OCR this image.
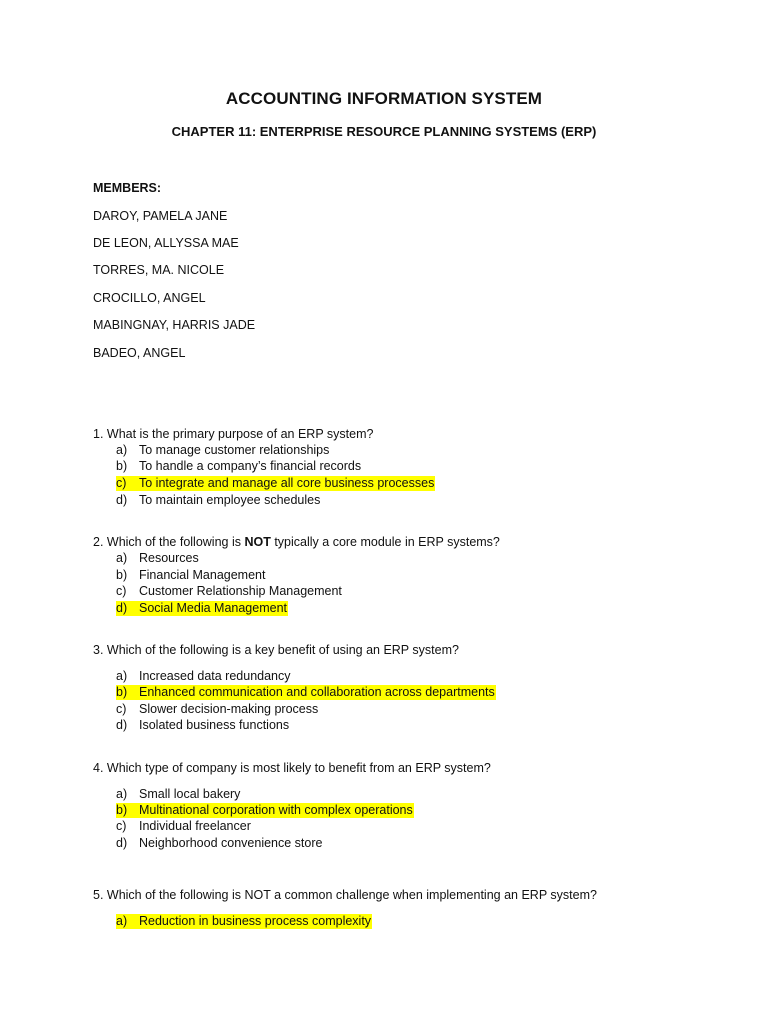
ACCOUNTING INFORMATION SYSTEM
CHAPTER 11: ENTERPRISE RESOURCE PLANNING SYSTEMS (ERP)
MEMBERS:
DAROY, PAMELA JANE
DE LEON, ALLYSSA MAE
TORRES, MA. NICOLE
CROCILLO, ANGEL
MABINGNAY, HARRIS JADE
BADEO, ANGEL
1. What is the primary purpose of an ERP system?
a) To manage customer relationships
b) To handle a company’s financial records
c) To integrate and manage all core business processes
d) To maintain employee schedules
2. Which of the following is NOT typically a core module in ERP systems?
a) Resources
b) Financial Management
c) Customer Relationship Management
d) Social Media Management
3. Which of the following is a key benefit of using an ERP system?
a) Increased data redundancy
b) Enhanced communication and collaboration across departments
c) Slower decision-making process
d) Isolated business functions
4. Which type of company is most likely to benefit from an ERP system?
a) Small local bakery
b) Multinational corporation with complex operations
c) Individual freelancer
d) Neighborhood convenience store
5. Which of the following is NOT a common challenge when implementing an ERP system?
a) Reduction in business process complexity
